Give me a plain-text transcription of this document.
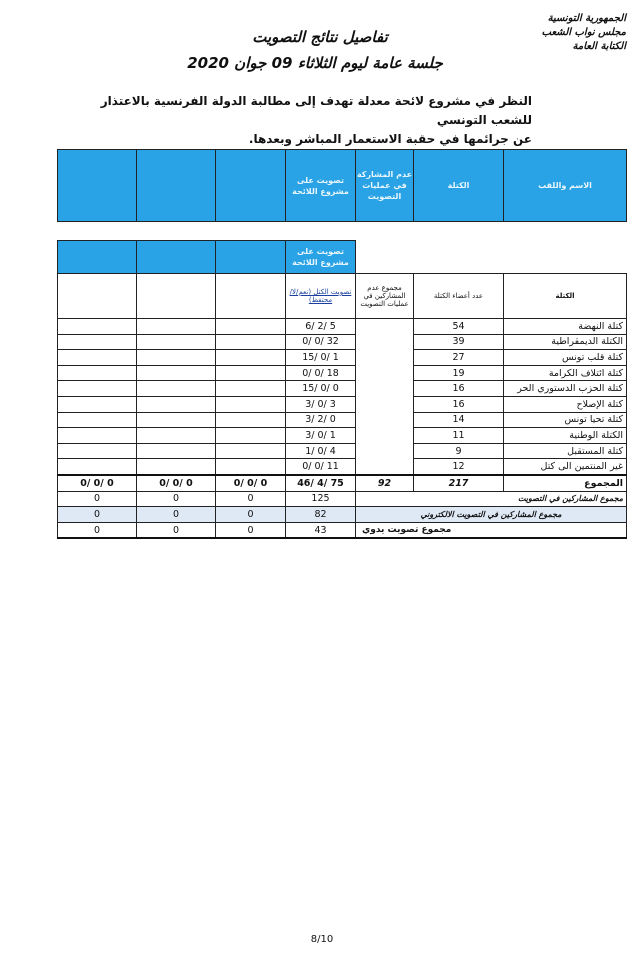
الجمهورية التونسية
مجلس نواب الشعب
الكتابة العامة
تفاصيل نتائج التصويت
جلسة عامة ليوم الثلاثاء 09 جوان 2020
النظر في مشروع لائحة معدلة تهدف إلى مطالبة الدولة الفرنسية بالاعتذار للشعب التونسي
عن جرائمها في حقبة الاستعمار المباشر وبعدها.
			تصويت على مشروع اللائحة	عدم المشاركة في عمليات التصويت	الكتلة	الاسم واللقب
			تصويت على مشروع اللائحة			
			تصويت الكتل (نعم/لا/محتفظ)	مجموع عدم المشاركين في عمليات التصويت	عدد أعضاء الكتلة	الكتلة
			6/ 2/ 5		54	كتلة النهضة
			0/ 0/ 32		39	الكتلة الديمقراطية
			15/ 0/ 1		27	كتلة قلب تونس
			0/ 0/ 18		19	كتلة ائتلاف الكرامة
			15/ 0/ 0		16	كتلة الحزب الدستوري الحر
			3/ 0/ 3		16	كتلة الإصلاح
			3/ 2/ 0		14	كتلة تحيا تونس
			3/ 0/ 1		11	الكتلة الوطنية
			1/ 0/ 4		9	كتلة المستقبل
			0/ 0/ 11		12	غير المنتمين الى كتل
0/ 0/ 0	0/ 0/ 0	0/ 0/ 0	46/ 4/ 75	92	217	المجموع
0	0	0	125	مجموع المشاركين في التصويت		
0	0	0	82	مجموع المشاركين في التصويت الالكتروني		
0	0	0	43	مجموع تصويت يدوي		
8/10
